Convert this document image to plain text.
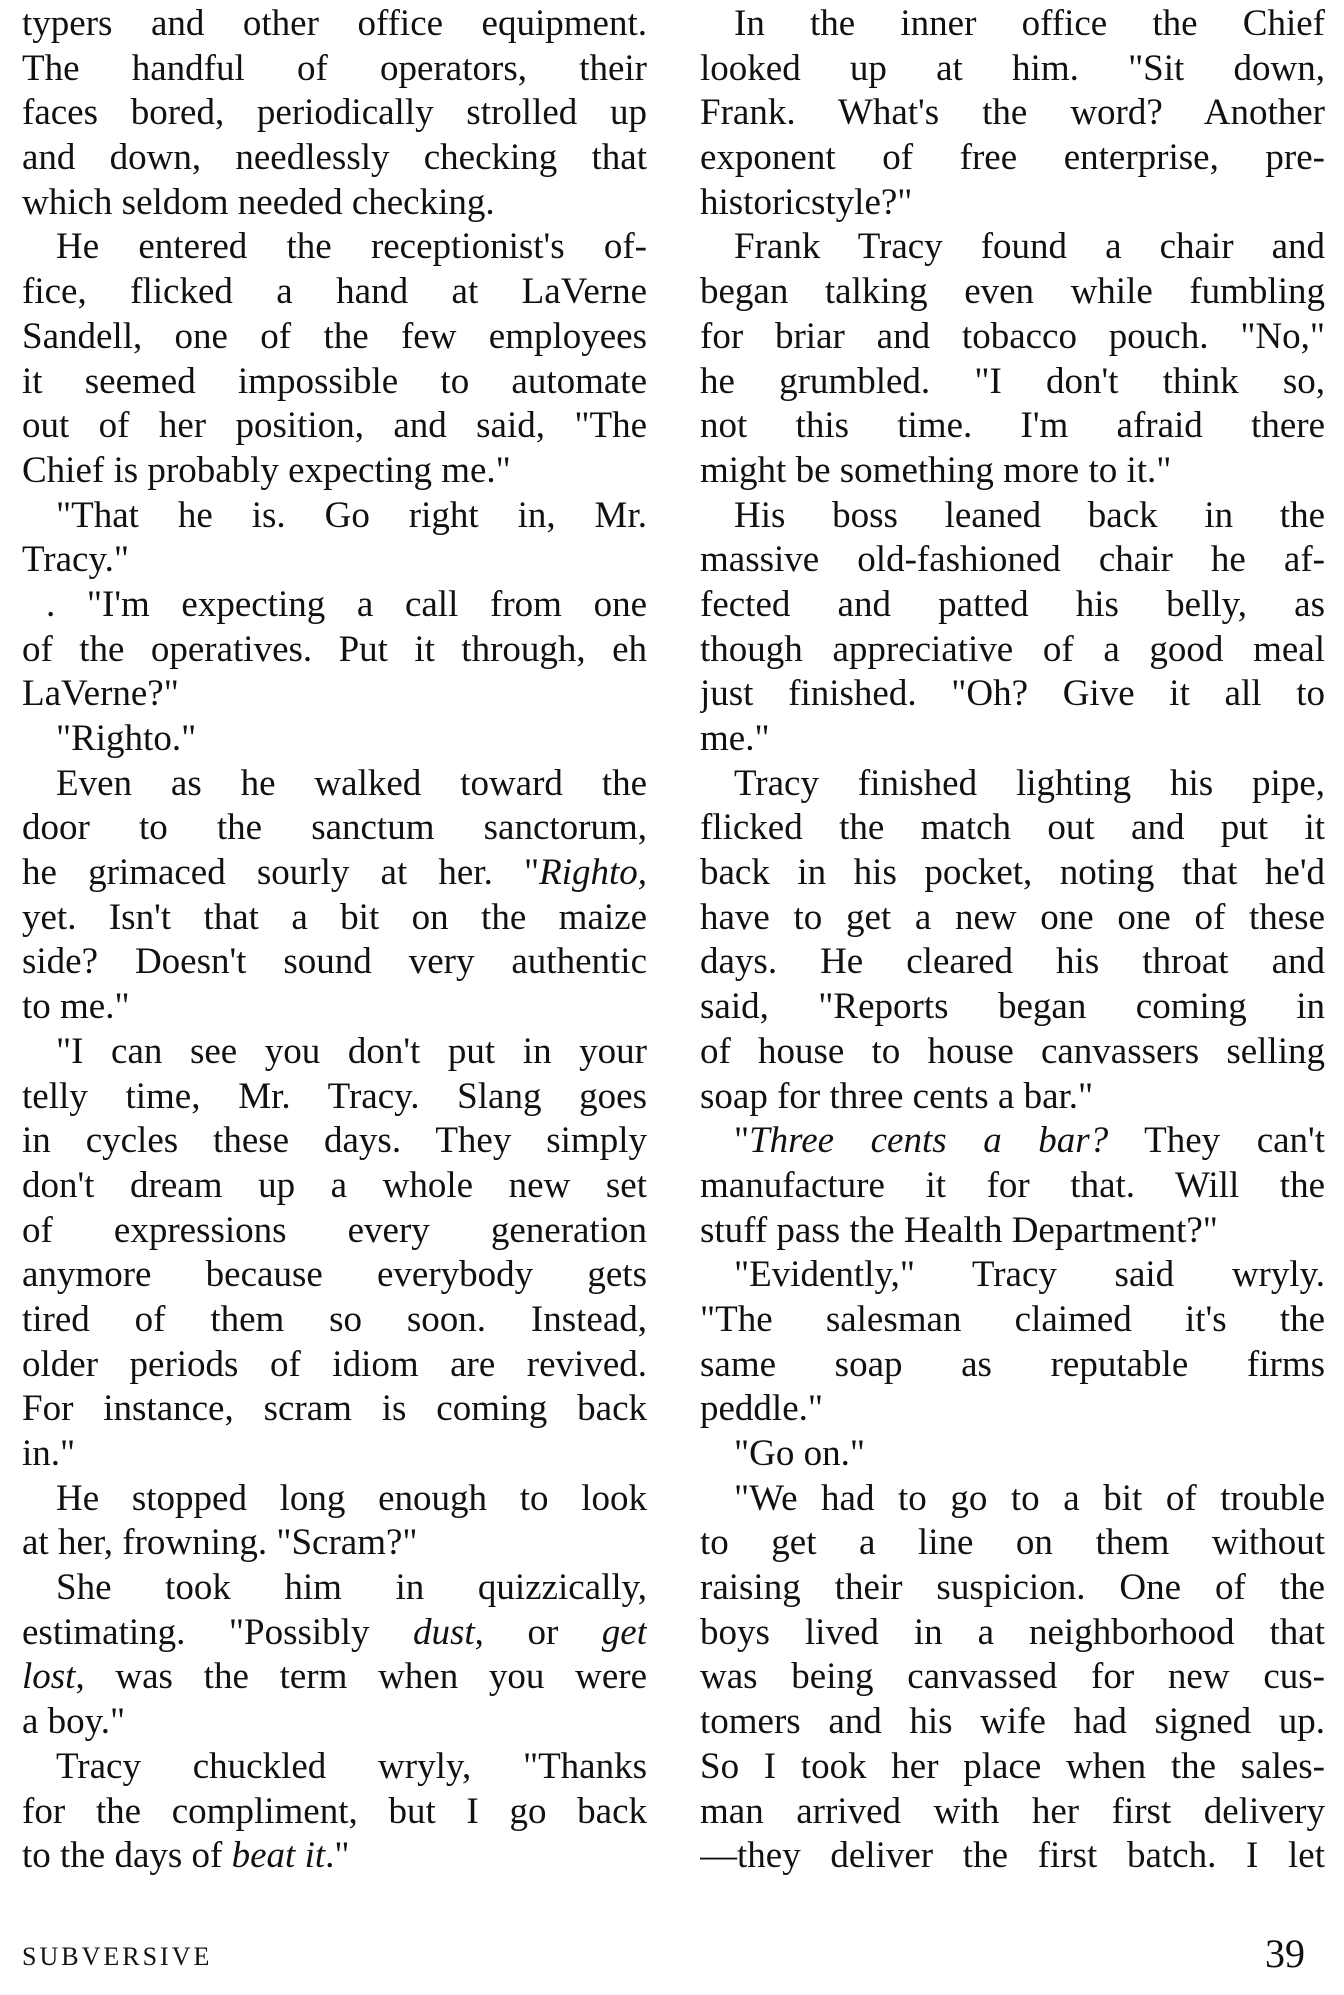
typers and other office equipment.
The handful of operators, their
faces bored, periodically strolled up
and down, needlessly checking that
which seldom needed checking.
He entered the receptionist's of-
fice, flicked a hand at LaVerne
Sandell, one of the few employees
it seemed impossible to automate
out of her position, and said, "The
Chief is probably expecting me."
"That he is. Go right in, Mr.
Tracy."
. "I'm expecting a call from one
of the operatives. Put it through, eh
LaVerne?"
"Righto."
Even as he walked toward the
door to the sanctum sanctorum,
he grimaced sourly at her. "Righto,
yet. Isn't that a bit on the maize
side? Doesn't sound very authentic
to me."
"I can see you don't put in your
telly time, Mr. Tracy. Slang goes
in cycles these days. They simply
don't dream up a whole new set
of expressions every generation
anymore because everybody gets
tired of them so soon. Instead,
older periods of idiom are revived.
For instance, scram is coming back
in."
He stopped long enough to look
at her, frowning. "Scram?"
She took him in quizzically,
estimating. "Possibly dust, or get
lost, was the term when you were
a boy."
Tracy chuckled wryly, "Thanks
for the compliment, but I go back
to the days of beat it."
In the inner office the Chief
looked up at him. "Sit down,
Frank. What's the word? Another
exponent of free enterprise, pre-
historicstyle?"
Frank Tracy found a chair and
began talking even while fumbling
for briar and tobacco pouch. "No,"
he grumbled. "I don't think so,
not this time. I'm afraid there
might be something more to it."
His boss leaned back in the
massive old-fashioned chair he af-
fected and patted his belly, as
though appreciative of a good meal
just finished. "Oh? Give it all to
me."
Tracy finished lighting his pipe,
flicked the match out and put it
back in his pocket, noting that he'd
have to get a new one one of these
days. He cleared his throat and
said, "Reports began coming in
of house to house canvassers selling
soap for three cents a bar."
"Three cents a bar? They can't
manufacture it for that. Will the
stuff pass the Health Department?"
"Evidently," Tracy said wryly.
"The salesman claimed it's the
same soap as reputable firms
peddle."
"Go on."
"We had to go to a bit of trouble
to get a line on them without
raising their suspicion. One of the
boys lived in a neighborhood that
was being canvassed for new cus-
tomers and his wife had signed up.
So I took her place when the sales-
man arrived with her first delivery
—they deliver the first batch. I let
SUBVERSIVE	39
